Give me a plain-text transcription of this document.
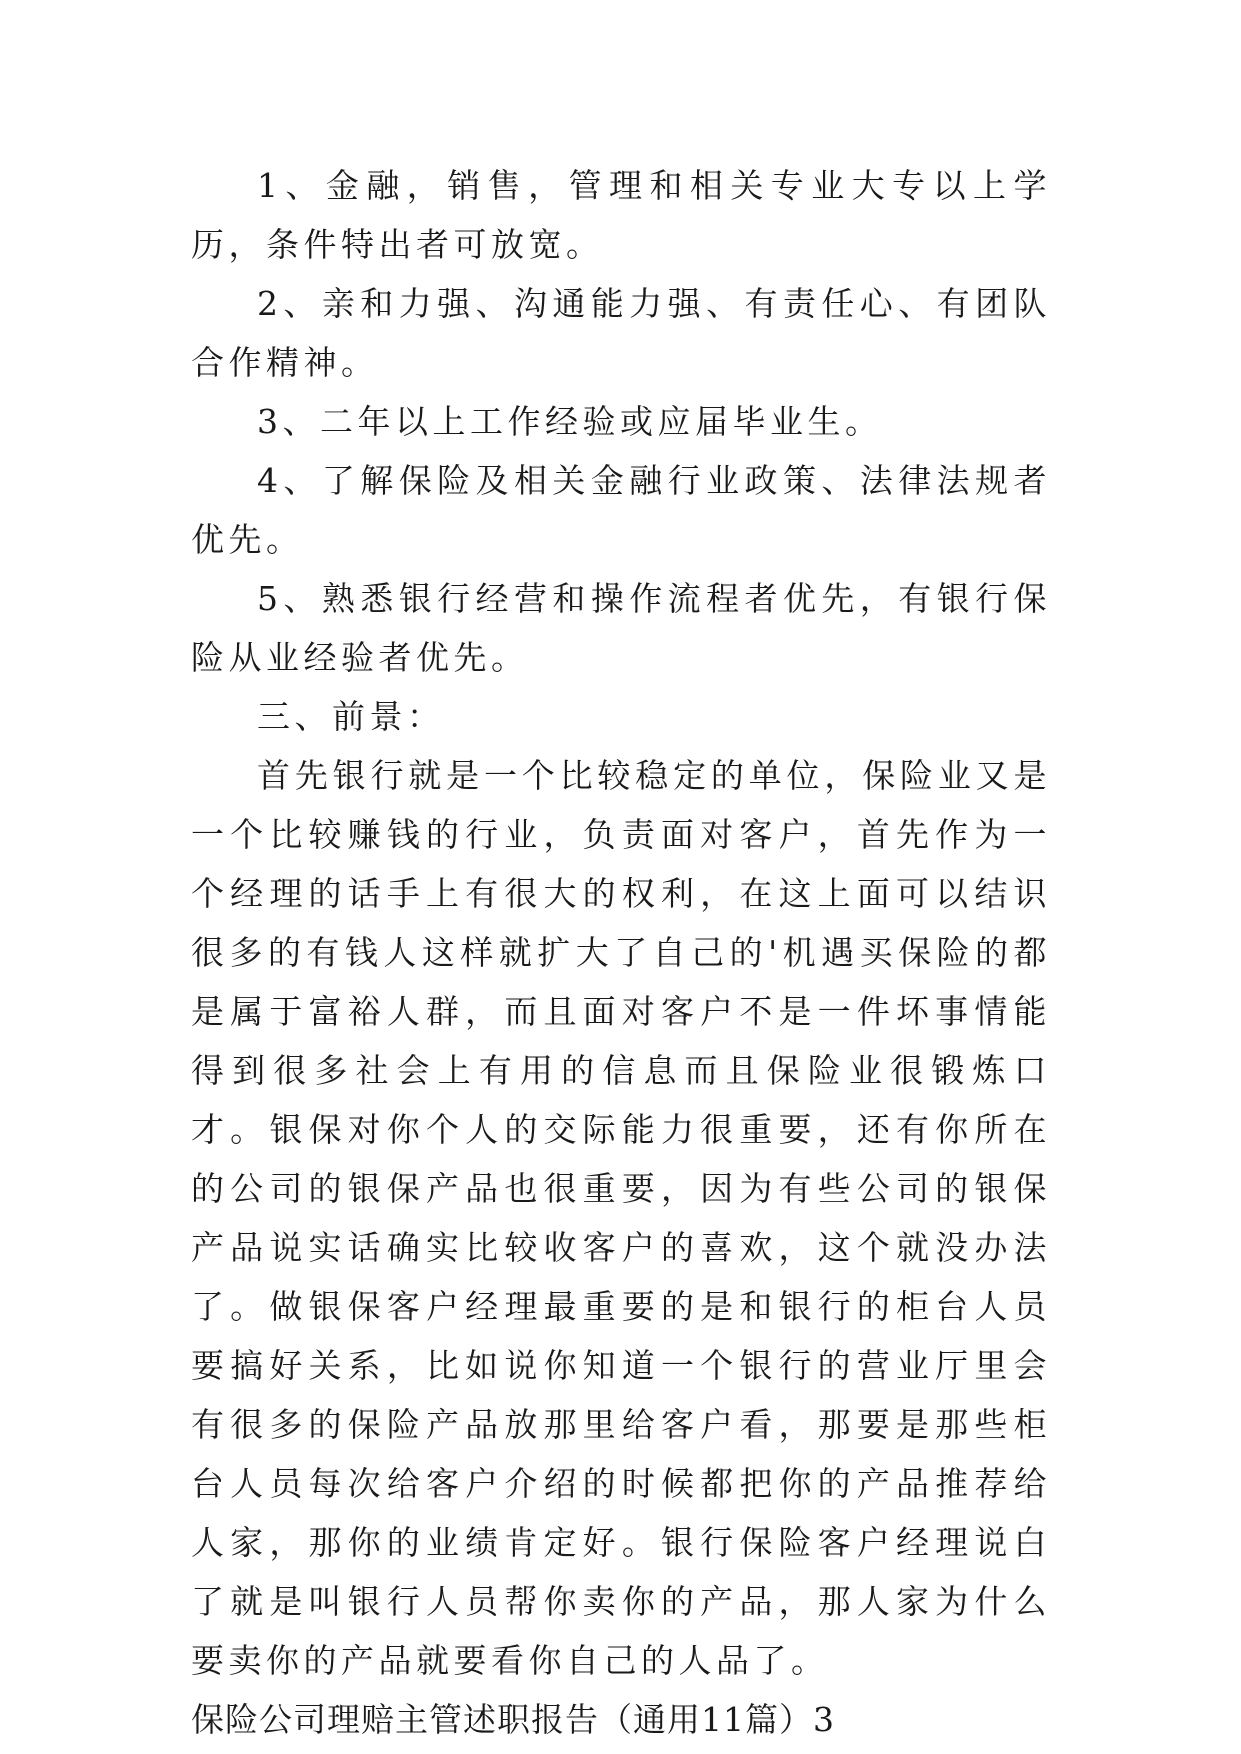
1、金融，销售，管理和相关专业大专以上学历，条件特出者可放宽。

2、亲和力强、沟通能力强、有责任心、有团队合作精神。

3、二年以上工作经验或应届毕业生。

4、了解保险及相关金融行业政策、法律法规者优先。

5、熟悉银行经营和操作流程者优先，有银行保险从业经验者优先。

三、前景：

首先银行就是一个比较稳定的单位，保险业又是一个比较赚钱的行业，负责面对客户，首先作为一个经理的话手上有很大的权利，在这上面可以结识很多的有钱人这样就扩大了自己的'机遇买保险的都是属于富裕人群，而且面对客户不是一件坏事情能得到很多社会上有用的信息而且保险业很锻炼口才。银保对你个人的交际能力很重要，还有你所在的公司的银保产品也很重要，因为有些公司的银保产品说实话确实比较收客户的喜欢，这个就没办法了。做银保客户经理最重要的是和银行的柜台人员要搞好关系，比如说你知道一个银行的营业厅里会有很多的保险产品放那里给客户看，那要是那些柜台人员每次给客户介绍的时候都把你的产品推荐给人家，那你的业绩肯定好。银行保险客户经理说白了就是叫银行人员帮你卖你的产品，那人家为什么要卖你的产品就要看你自己的人品了。

保险公司理赔主管述职报告（通用11篇）3
